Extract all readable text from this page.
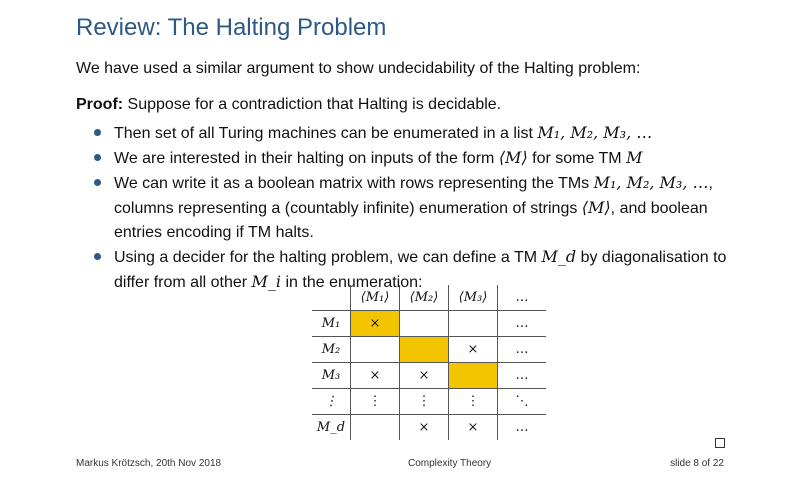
Review: The Halting Problem
We have used a similar argument to show undecidability of the Halting problem:
Proof: Suppose for a contradiction that Halting is decidable.
Then set of all Turing machines can be enumerated in a list M₁, M₂, M₃, …
We are interested in their halting on inputs of the form ⟨M⟩ for some TM M
We can write it as a boolean matrix with rows representing the TMs M₁, M₂, M₃, …, columns representing a (countably infinite) enumeration of strings ⟨M⟩, and boolean entries encoding if TM halts.
Using a decider for the halting problem, we can define a TM M_d by diagonalisation to differ from all other M_i in the enumeration:
	⟨M₁⟩	⟨M₂⟩	⟨M₃⟩	…
M₁	×			…
M₂			×	…
M₃	×	×		…
⋮	⋮	⋮	⋮	⋱
M_d		×	×	…
Markus Krötzsch, 20th Nov 2018	Complexity Theory	slide 8 of 22
